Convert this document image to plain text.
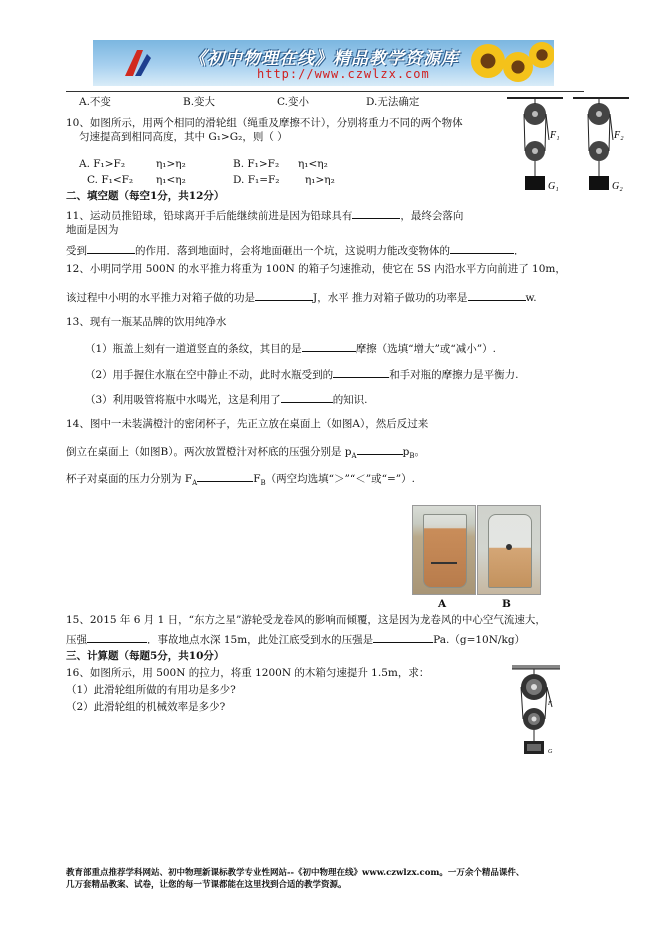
《初中物理在线》精品教学资源库
http://www.czwlzx.com
A.不变	B.变大	C.变小	D.无法确定
10、如图所示，用两个相同的滑轮组（绳重及摩擦不计），分别将重力不同的两个物体
匀速提高到相同高度，其中 G₁>G₂，则（ ）
A. F₁>F₂	η₁>η₂	B. F₁>F₂ η₁<η₂
C. F₁<F₂ η₁<η₂	D. F₁=F₂ η₁>η₂
F₁	F₂
G₁	G₂
二、填空题（每空1分，共12分）
11、运动员推铅球，铅球离开手后能继续前进是因为铅球具有	，最终会落向
地面是因为
受到	的作用．落到地面时，会将地面砸出一个坑，这说明力能改变物体的	．
12、小明同学用 500N 的水平推力将重为 100N 的箱子匀速推动，使它在 5S 内沿水平方向前进了 10m，
该过程中小明的水平推力对箱子做的功是	J，水平 推力对箱子做功的功率是	w.
13、现有一瓶某品牌的饮用纯净水
（1）瓶盖上刻有一道道竖直的条纹，其目的是	摩擦（选填“增大”或“减小”）.
（2）用手握住水瓶在空中静止不动，此时水瓶受到的	和手对瓶的摩擦力是平衡力.
（3）利用吸管将瓶中水喝光，这是利用了	的知识.
14、图中一未装满橙汁的密闭杯子，先正立放在桌面上（如图A），然后反过来
倒立在桌面上（如图B）。两次放置橙汁对杯底的压强分别是 $p_A$	$p_B$。
杯子对桌面的压力分别为 $F_A$	$F_B$（两空均选填“＞”“＜”或“=”）.
A	B
15、2015 年 6 月 1 日，“东方之星”游轮受龙卷风的影响而倾覆，这是因为龙卷风的中心空气流速大，
压强	．事故地点水深 15m，此处江底受到水的压强是	Pa.（g=10N/kg）
三、计算题（每题5分，共10分）
16、如图所示，用 500N 的拉力，将重 1200N 的木箱匀速提升 1.5m，求：
（1）此滑轮组所做的有用功是多少?
（2）此滑轮组的机械效率是多少?	F
G
教育部重点推荐学科网站、初中物理新课标教学专业性网站--《初中物理在线》www.czwlzx.com。一万余个精品课件、
几万套精品教案、试卷，让您的每一节课都能在这里找到合适的教学资源。
